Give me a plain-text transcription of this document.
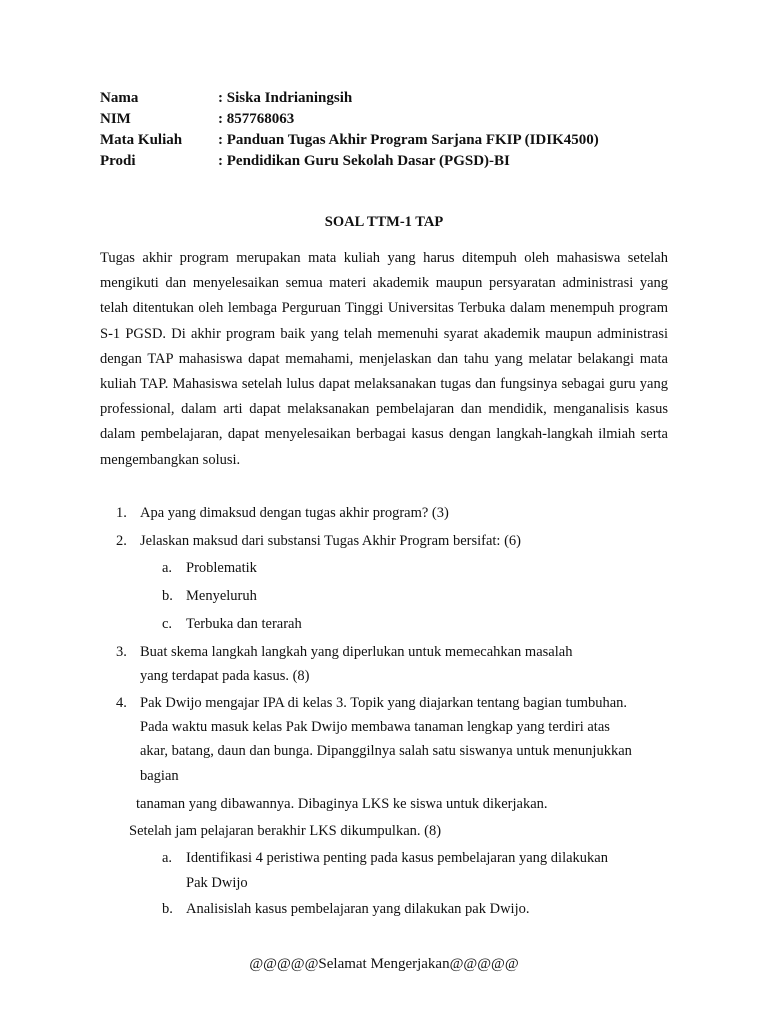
Nama	: Siska Indrianingsih
NIM	: 857768063
Mata Kuliah : Panduan Tugas Akhir Program Sarjana FKIP (IDIK4500)
Prodi	: Pendidikan Guru Sekolah Dasar (PGSD)-BI
SOAL TTM-1 TAP
Tugas akhir program merupakan mata kuliah yang harus ditempuh oleh mahasiswa setelah mengikuti dan menyelesaikan semua materi akademik maupun persyaratan administrasi yang telah ditentukan oleh lembaga Perguruan Tinggi Universitas Terbuka dalam menempuh program S-1 PGSD. Di akhir program baik yang telah memenuhi syarat akademik maupun administrasi dengan TAP mahasiswa dapat memahami, menjelaskan dan tahu yang melatar belakangi mata kuliah TAP. Mahasiswa setelah lulus dapat melaksanakan tugas dan fungsinya sebagai guru yang professional, dalam arti dapat melaksanakan pembelajaran dan mendidik, menganalisis kasus dalam pembelajaran, dapat menyelesaikan berbagai kasus dengan langkah-langkah ilmiah serta mengembangkan solusi.
1. Apa yang dimaksud dengan tugas akhir program? (3)
2. Jelaskan maksud dari substansi Tugas Akhir Program bersifat: (6)
a. Problematik
b. Menyeluruh
c. Terbuka dan terarah
3. Buat skema langkah langkah yang diperlukan untuk memecahkan masalah
yang terdapat pada kasus. (8)
4. Pak Dwijo mengajar IPA di kelas 3. Topik yang diajarkan tentang bagian tumbuhan.
Pada waktu masuk kelas Pak Dwijo membawa tanaman lengkap yang terdiri atas
akar, batang, daun dan bunga. Dipanggilnya salah satu siswanya untuk menunjukkan
bagian
tanaman yang dibawannya. Dibaginya LKS ke siswa untuk dikerjakan.
Setelah jam pelajaran berakhir LKS dikumpulkan. (8)
a. Identifikasi 4 peristiwa penting pada kasus pembelajaran yang dilakukan
Pak Dwijo
b. Analisislah kasus pembelajaran yang dilakukan pak Dwijo.
@@@@@Selamat Mengerjakan@@@@@
